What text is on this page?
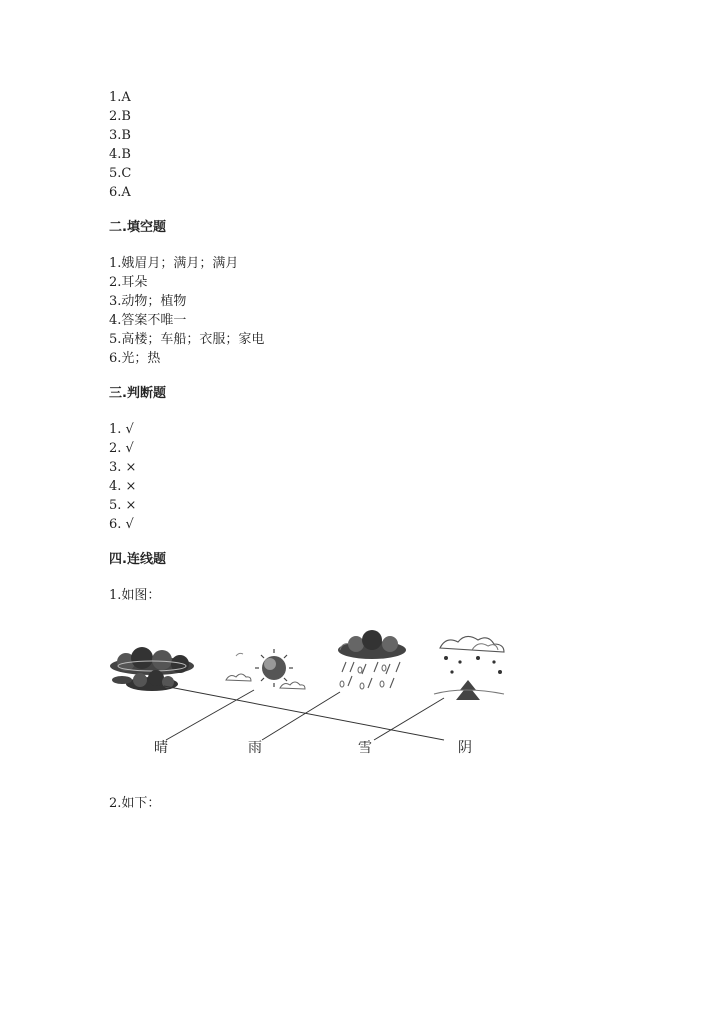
1.A
2.B
3.B
4.B
5.C
6.A
二.填空题
1.娥眉月；满月；满月
2.耳朵
3.动物；植物
4.答案不唯一
5.高楼；车船；衣服；家电
6.光；热
三.判断题
1. √
2. √
3. ×
4. ×
5. ×
6. √
四.连线题
1.如图：
晴	雨	雪	阴
2.如下：
